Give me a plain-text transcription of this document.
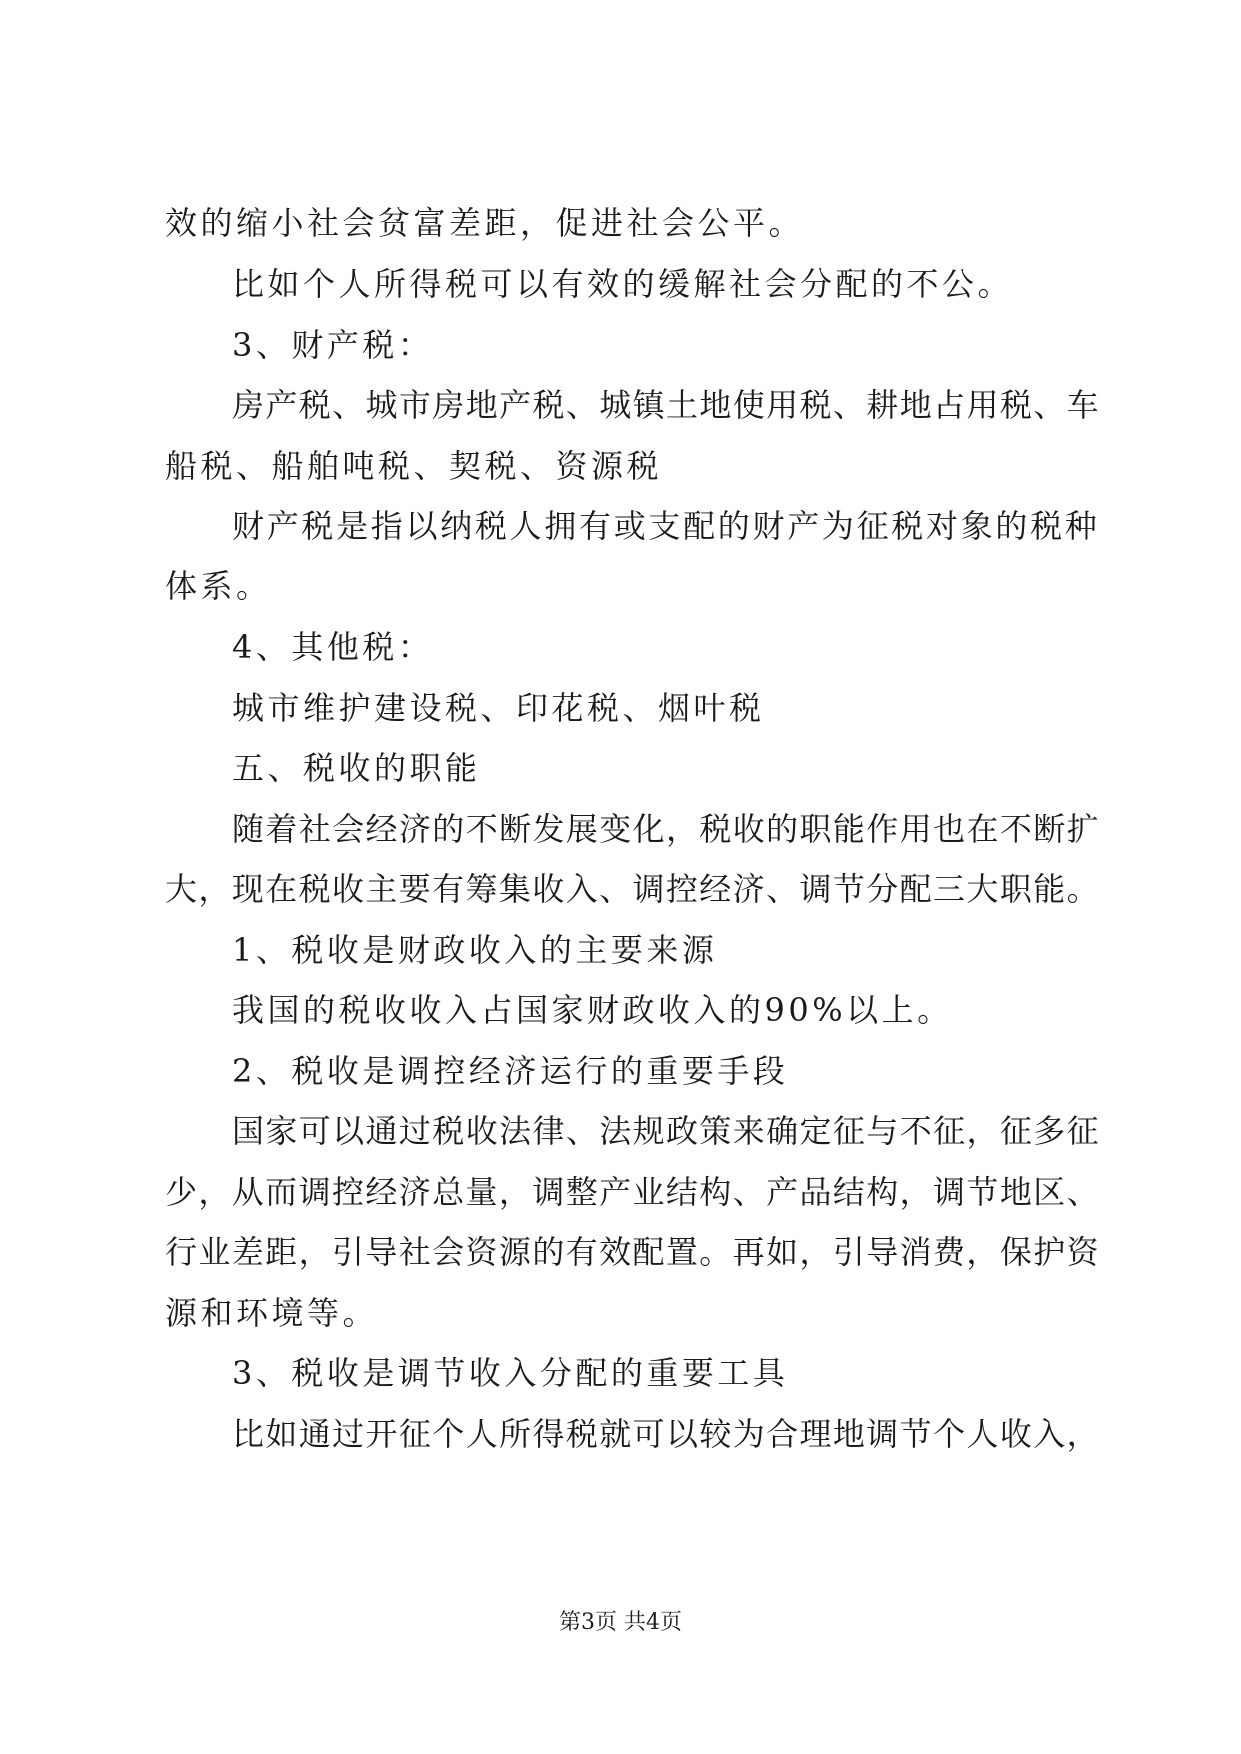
效的缩小社会贫富差距，促进社会公平。
比如个人所得税可以有效的缓解社会分配的不公。
3、财产税：
房产税、城市房地产税、城镇土地使用税、耕地占用税、车
船税、船舶吨税、契税、资源税
财产税是指以纳税人拥有或支配的财产为征税对象的税种
体系。
4、其他税：
城市维护建设税、印花税、烟叶税
五、税收的职能
随着社会经济的不断发展变化，税收的职能作用也在不断扩
大，现在税收主要有筹集收入、调控经济、调节分配三大职能。
1、税收是财政收入的主要来源
我国的税收收入占国家财政收入的90%以上。
2、税收是调控经济运行的重要手段
国家可以通过税收法律、法规政策来确定征与不征，征多征
少，从而调控经济总量，调整产业结构、产品结构，调节地区、
行业差距，引导社会资源的有效配置。再如，引导消费，保护资
源和环境等。
3、税收是调节收入分配的重要工具
比如通过开征个人所得税就可以较为合理地调节个人收入，
第3页 共4页
